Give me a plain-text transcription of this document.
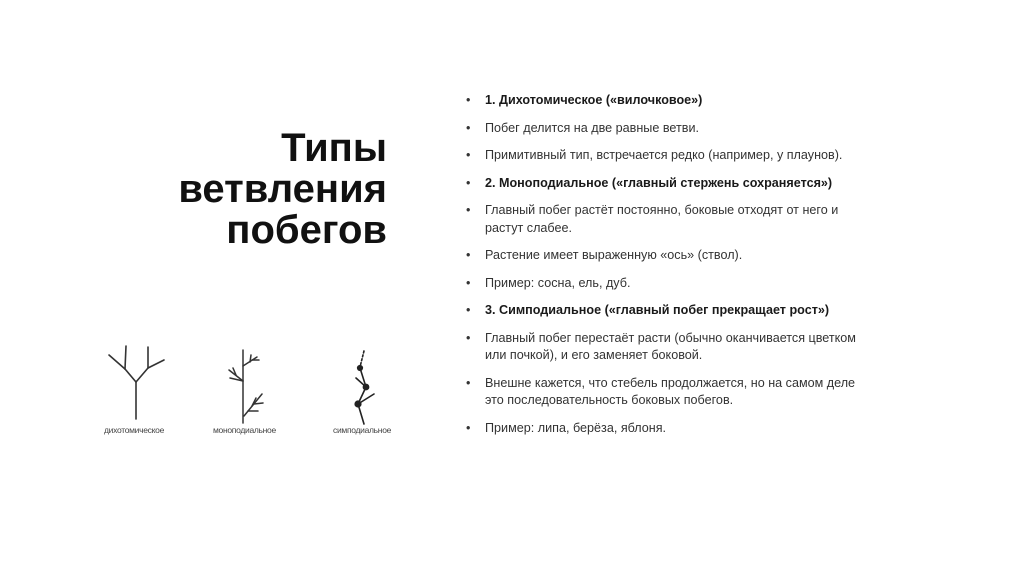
Типы
ветвления
побегов
• 1. Дихотомическое («вилочковое»)
• Побег делится на две равные ветви.
• Примитивный тип, встречается редко (например, у плаунов).
• 2. Моноподиальное («главный стержень сохраняется»)
• Главный побег растёт постоянно, боковые отходят от него и растут слабее.
• Растение имеет выраженную «ось» (ствол).
• Пример: сосна, ель, дуб.
• 3. Симподиальное («главный побег прекращает рост»)
• Главный побег перестаёт расти (обычно оканчивается цветком или почкой), и его заменяет боковой.
• Внешне кажется, что стебель продолжается, но на самом деле это последовательность боковых побегов.
• Пример: липа, берёза, яблоня.
дихотомическое	моноподиальное	симподиальное
